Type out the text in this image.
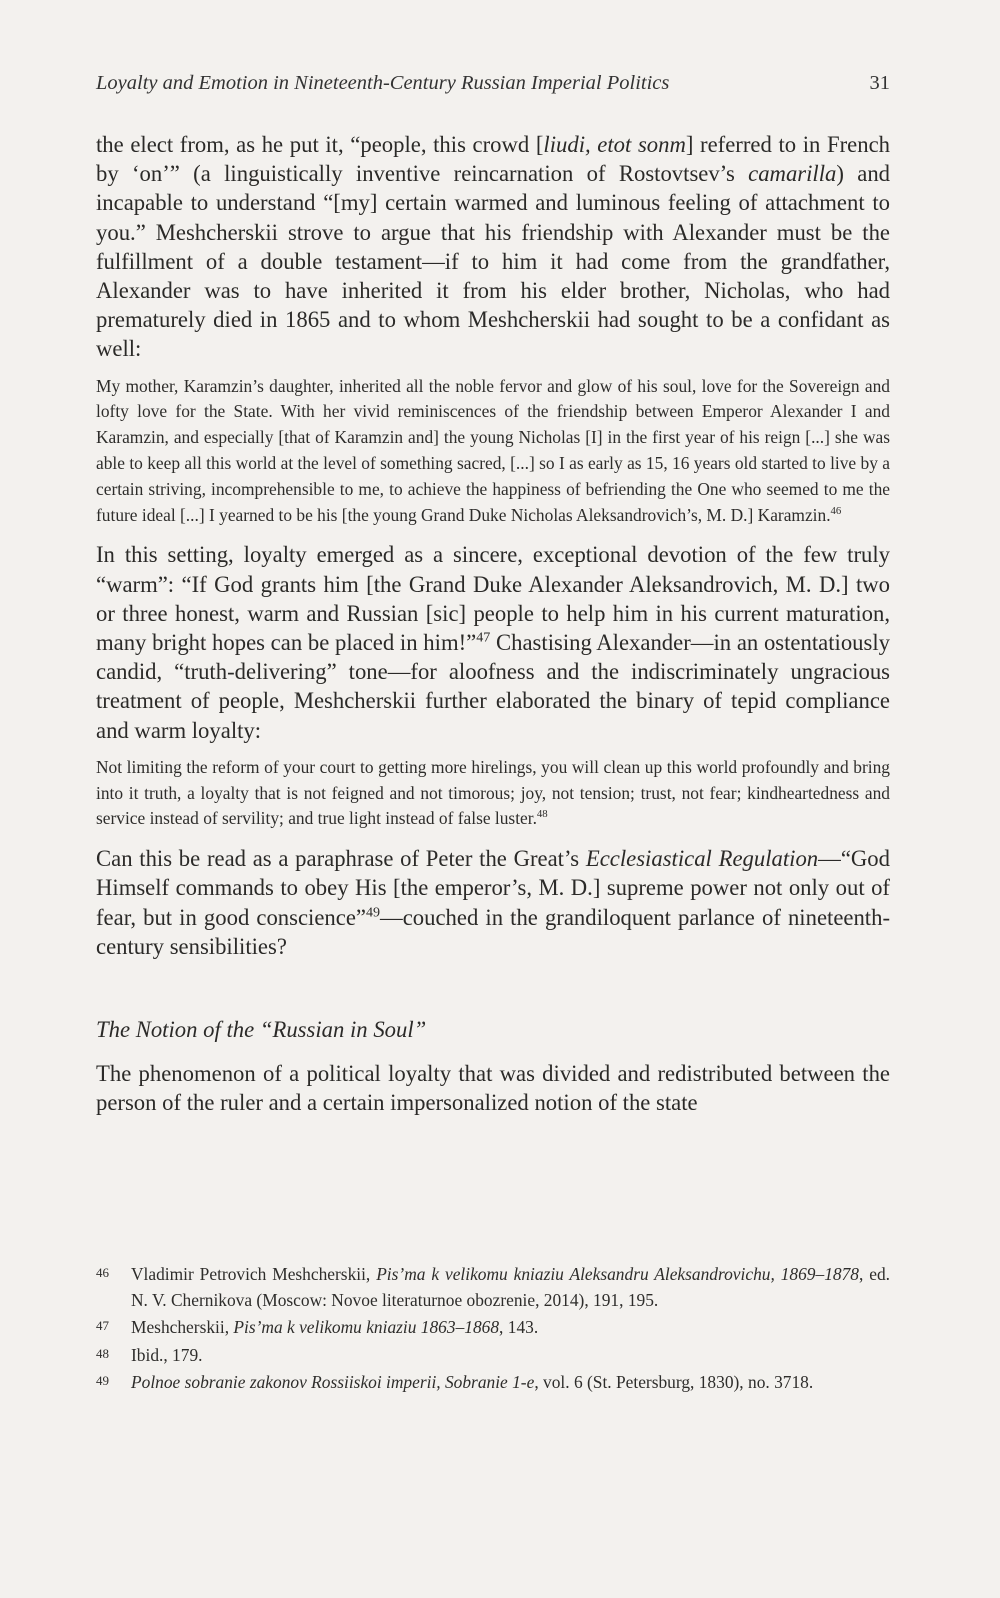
Loyalty and Emotion in Nineteenth-Century Russian Imperial Politics	31

the elect from, as he put it, “people, this crowd [liudi, etot sonm] referred to in French by ‘on’” (a linguistically inventive reincarnation of Rostovtsev’s camarilla) and incapable to understand “[my] certain warmed and luminous feeling of attachment to you.” Meshcherskii strove to argue that his friendship with Alexander must be the fulfillment of a double testament—if to him it had come from the grandfather, Alexander was to have inherited it from his elder brother, Nicholas, who had prematurely died in 1865 and to whom Meshcherskii had sought to be a confidant as well:

My mother, Karamzin’s daughter, inherited all the noble fervor and glow of his soul, love for the Sovereign and lofty love for the State. With her vivid reminiscences of the friendship between Emperor Alexander I and Karamzin, and especially [that of Karamzin and] the young Nicholas [I] in the first year of his reign [...] she was able to keep all this world at the level of something sacred, [...] so I as early as 15, 16 years old started to live by a certain striving, incomprehensible to me, to achieve the happiness of befriending the One who seemed to me the future ideal [...] I yearned to be his [the young Grand Duke Nicholas Aleksandrovich’s, M. D.] Karamzin.$^{46}$

In this setting, loyalty emerged as a sincere, exceptional devotion of the few truly “warm”: “If God grants him [the Grand Duke Alexander Aleksandrovich, M. D.] two or three honest, warm and Russian [sic] people to help him in his current maturation, many bright hopes can be placed in him!”$^{47}$ Chastising Alexander—in an ostentatiously candid, “truth-delivering” tone—for aloofness and the indiscriminately ungracious treatment of people, Meshcherskii further elaborated the binary of tepid compliance and warm loyalty:

Not limiting the reform of your court to getting more hirelings, you will clean up this world profoundly and bring into it truth, a loyalty that is not feigned and not timorous; joy, not tension; trust, not fear; kindheartedness and service instead of servility; and true light instead of false luster.$^{48}$

Can this be read as a paraphrase of Peter the Great’s Ecclesiastical Regulation—“God Himself commands to obey His [the emperor’s, M. D.] supreme power not only out of fear, but in good conscience”$^{49}$—couched in the grandiloquent parlance of nineteenth-century sensibilities?

The Notion of the “Russian in Soul”

The phenomenon of a political loyalty that was divided and redistributed between the person of the ruler and a certain impersonalized notion of the state

46 Vladimir Petrovich Meshcherskii, Pis’ma k velikomu kniaziu Aleksandru Aleksandrovichu, 1869–1878, ed. N. V. Chernikova (Moscow: Novoe literaturnoe obozrenie, 2014), 191, 195.
47 Meshcherskii, Pis’ma k velikomu kniaziu 1863–1868, 143.
48 Ibid., 179.
49 Polnoe sobranie zakonov Rossiiskoi imperii, Sobranie 1-e, vol. 6 (St. Petersburg, 1830), no. 3718.
